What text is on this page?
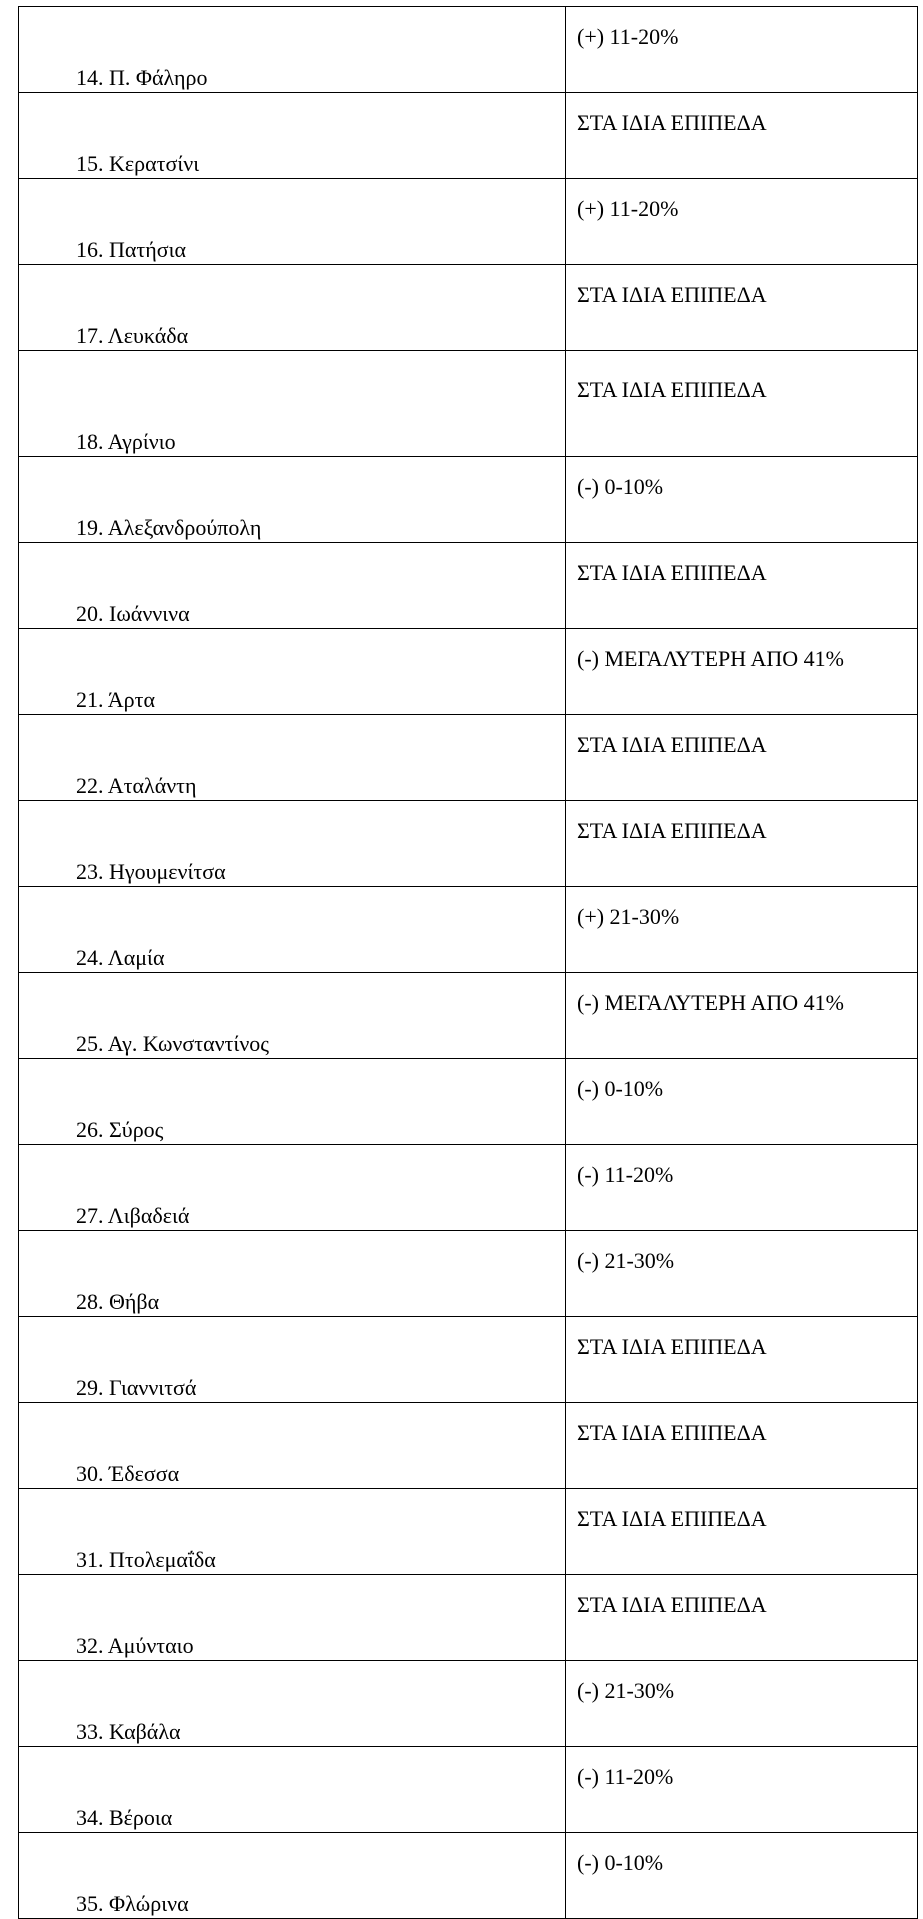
14. Π. Φάληρο	(+) 11-20%
15. Κερατσίνι	ΣΤΑ ΙΔΙΑ ΕΠΙΠΕΔΑ
16. Πατήσια	(+) 11-20%
17. Λευκάδα	ΣΤΑ ΙΔΙΑ ΕΠΙΠΕΔΑ
18. Αγρίνιο	ΣΤΑ ΙΔΙΑ ΕΠΙΠΕΔΑ
19. Αλεξανδρούπολη	(-) 0-10%
20. Ιωάννινα	ΣΤΑ ΙΔΙΑ ΕΠΙΠΕΔΑ
21. Άρτα	(-) ΜΕΓΑΛΥΤΕΡΗ ΑΠΟ 41%
22. Αταλάντη	ΣΤΑ ΙΔΙΑ ΕΠΙΠΕΔΑ
23. Ηγουμενίτσα	ΣΤΑ ΙΔΙΑ ΕΠΙΠΕΔΑ
24. Λαμία	(+) 21-30%
25. Αγ. Κωνσταντίνος	(-) ΜΕΓΑΛΥΤΕΡΗ ΑΠΟ 41%
26. Σύρος	(-) 0-10%
27. Λιβαδειά	(-) 11-20%
28. Θήβα	(-) 21-30%
29. Γιαννιτσά	ΣΤΑ ΙΔΙΑ ΕΠΙΠΕΔΑ
30. Έδεσσα	ΣΤΑ ΙΔΙΑ ΕΠΙΠΕΔΑ
31. Πτολεμαΐδα	ΣΤΑ ΙΔΙΑ ΕΠΙΠΕΔΑ
32. Αμύνταιο	ΣΤΑ ΙΔΙΑ ΕΠΙΠΕΔΑ
33. Καβάλα	(-) 21-30%
34. Βέροια	(-) 11-20%
35. Φλώρινα	(-) 0-10%
